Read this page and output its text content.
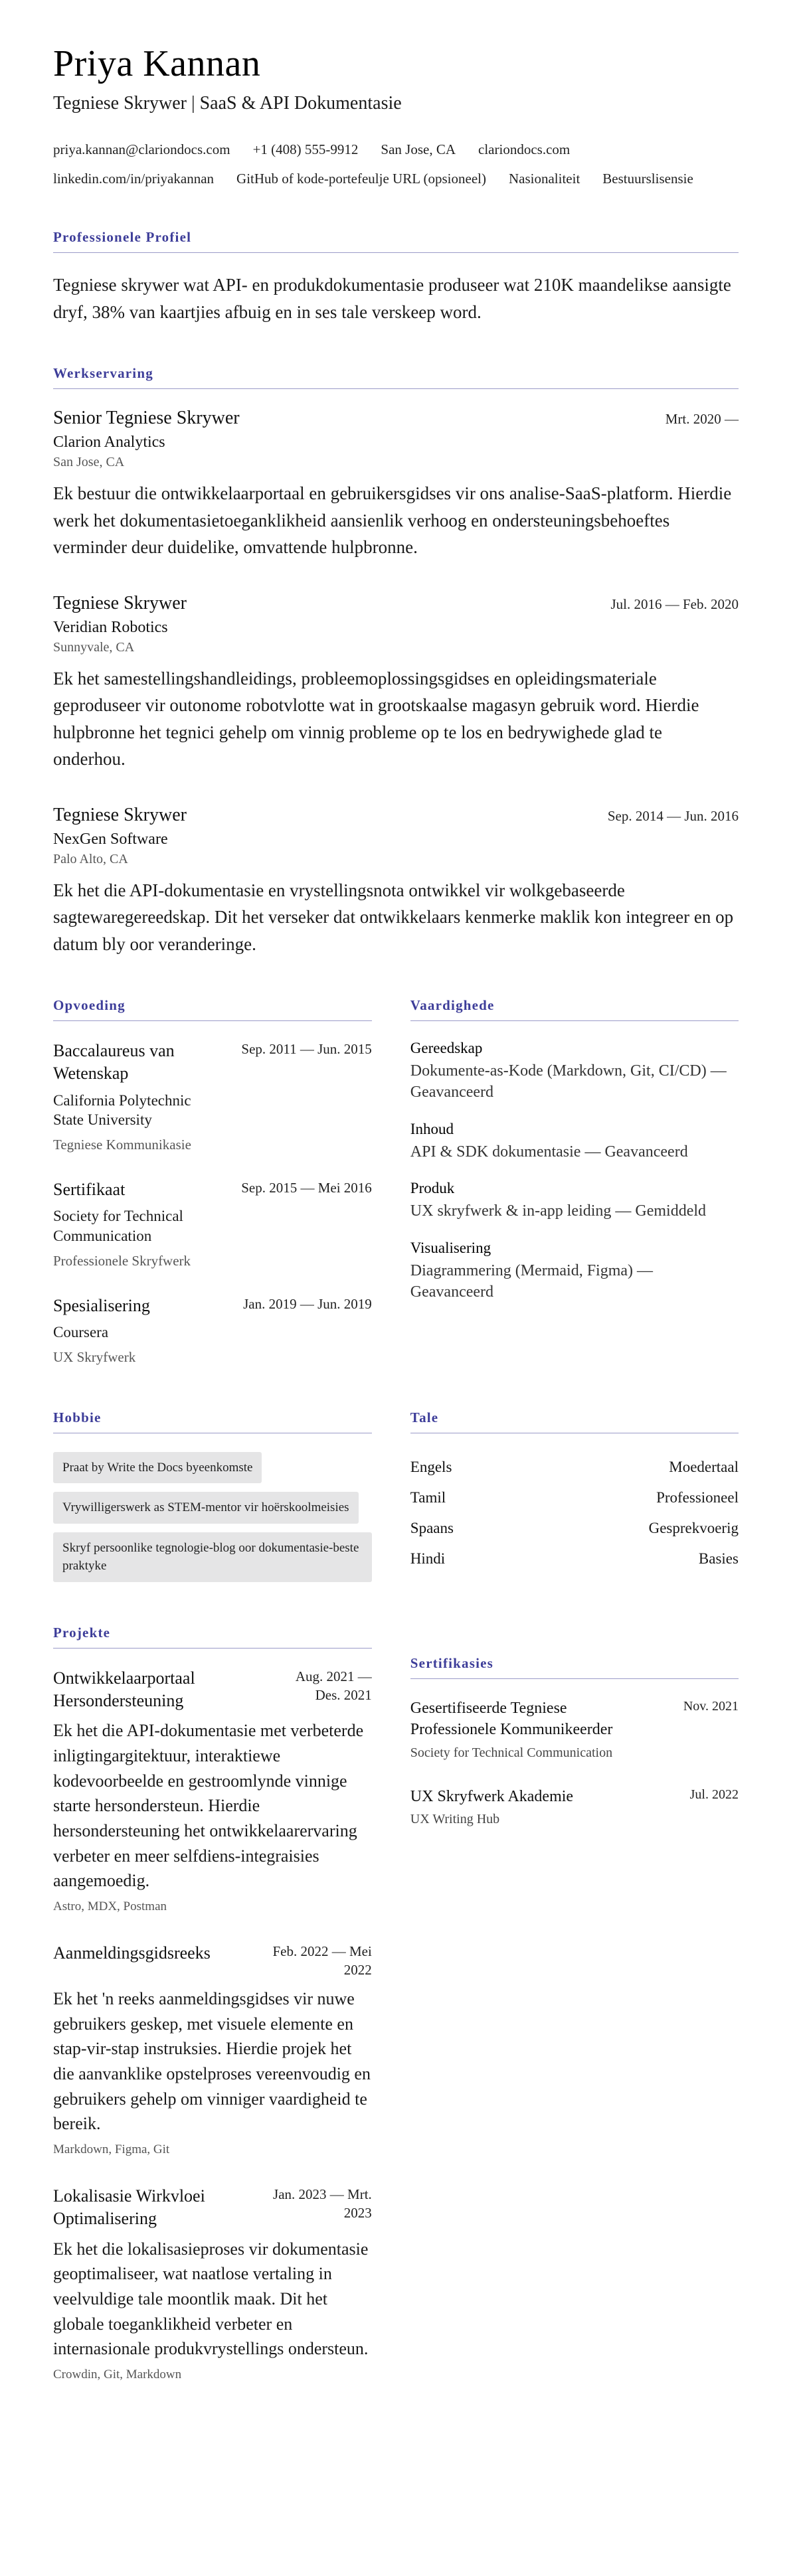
Priya Kannan
Tegniese Skrywer | SaaS & API Dokumentasie
priya.kannan@clariondocs.com +1 (408) 555-9912 San Jose, CA clariondocs.com
linkedin.com/in/priyakannan GitHub of kode-portefeulje URL (opsioneel) Nasionaliteit Bestuurslisensie
Professionele Profiel

Tegniese skrywer wat API- en produkdokumentasie produseer wat 210K maandelikse aansigte dryf, 38% van kaartjies afbuig en in ses tale verskeep word.

Werkservaring
Senior Tegniese Skrywer	Mrt. 2020 —
Clarion Analytics
San Jose, CA

Ek bestuur die ontwikkelaarportaal en gebruikersgidses vir ons analise-SaaS-platform. Hierdie werk het dokumentasietoeganklikheid aansienlik verhoog en ondersteuningsbehoeftes verminder deur duidelike, omvattende hulpbronne.

Tegniese Skrywer	Jul. 2016 — Feb. 2020
Veridian Robotics
Sunnyvale, CA

Ek het samestellingshandleidings, probleemoplossingsgidses en opleidingsmateriale geproduseer vir outonome robotvlotte wat in grootskaalse magasyn gebruik word. Hierdie hulpbronne het tegnici gehelp om vinnig probleme op te los en bedrywighede glad te onderhou.

Tegniese Skrywer	Sep. 2014 — Jun. 2016
NexGen Software
Palo Alto, CA

Ek het die API-dokumentasie en vrystellingsnota ontwikkel vir wolkgebaseerde sagtewaregereedskap. Dit het verseker dat ontwikkelaars kenmerke maklik kon integreer en op datum bly oor veranderinge.

Opvoeding
Baccalaureus van Wetenskap
California Polytechnic State University
Tegniese Kommunikasie
Sep. 2011 — Jun. 2015
Sertifikaat
Society for Technical Communication
Professionele Skryfwerk
Sep. 2015 — Mei 2016
Spesialisering
Coursera
UX Skryfwerk
Jan. 2019 — Jun. 2019
Vaardighede
Gereedskap
Dokumente-as-Kode (Markdown, Git, CI/CD) — Geavanceerd
Inhoud
API & SDK dokumentasie — Geavanceerd
Produk
UX skryfwerk & in-app leiding — Gemiddeld
Visualisering
Diagrammering (Mermaid, Figma) — Geavanceerd
Hobbie
Praat by Write the Docs byeenkomste
Vrywilligerswerk as STEM-mentor vir hoërskoolmeisies
Skryf persoonlike tegnologie-blog oor dokumentasie-beste praktyke
Tale
Engels	Moedertaal
Tamil	Professioneel
Spaans	Gesprekvoerig
Hindi	Basies
Projekte
Ontwikkelaarportaal Hersondersteuning
Aug. 2021 — Des. 2021

Ek het die API-dokumentasie met verbeterde inligtingargitektuur, interaktiewe kodevoorbeelde en gestroomlynde vinnige starte hersondersteun. Hierdie hersondersteuning het ontwikkelaarervaring verbeter en meer selfdiens-integraisies aangemoedig.

Astro, MDX, Postman
Aanmeldingsgidsreeks	Feb. 2022 — Mei 2022

Ek het 'n reeks aanmeldingsgidses vir nuwe gebruikers geskep, met visuele elemente en stap-vir-stap instruksies. Hierdie projek het die aanvanklike opstelproses vereenvoudig en gebruikers gehelp om vinniger vaardigheid te bereik.

Markdown, Figma, Git
Lokalisasie Wirkvloei Optimalisering
Jan. 2023 — Mrt. 2023

Ek het die lokalisasieproses vir dokumentasie geoptimaliseer, wat naatlose vertaling in veelvuldige tale moontlik maak. Dit het globale toeganklikheid verbeter en internasionale produkvrystellings ondersteun.

Crowdin, Git, Markdown
Sertifikasies
Gesertifiseerde Tegniese Professionele Kommunikeerder
Nov. 2021
Society for Technical Communication
UX Skryfwerk Akademie	Jul. 2022
UX Writing Hub
